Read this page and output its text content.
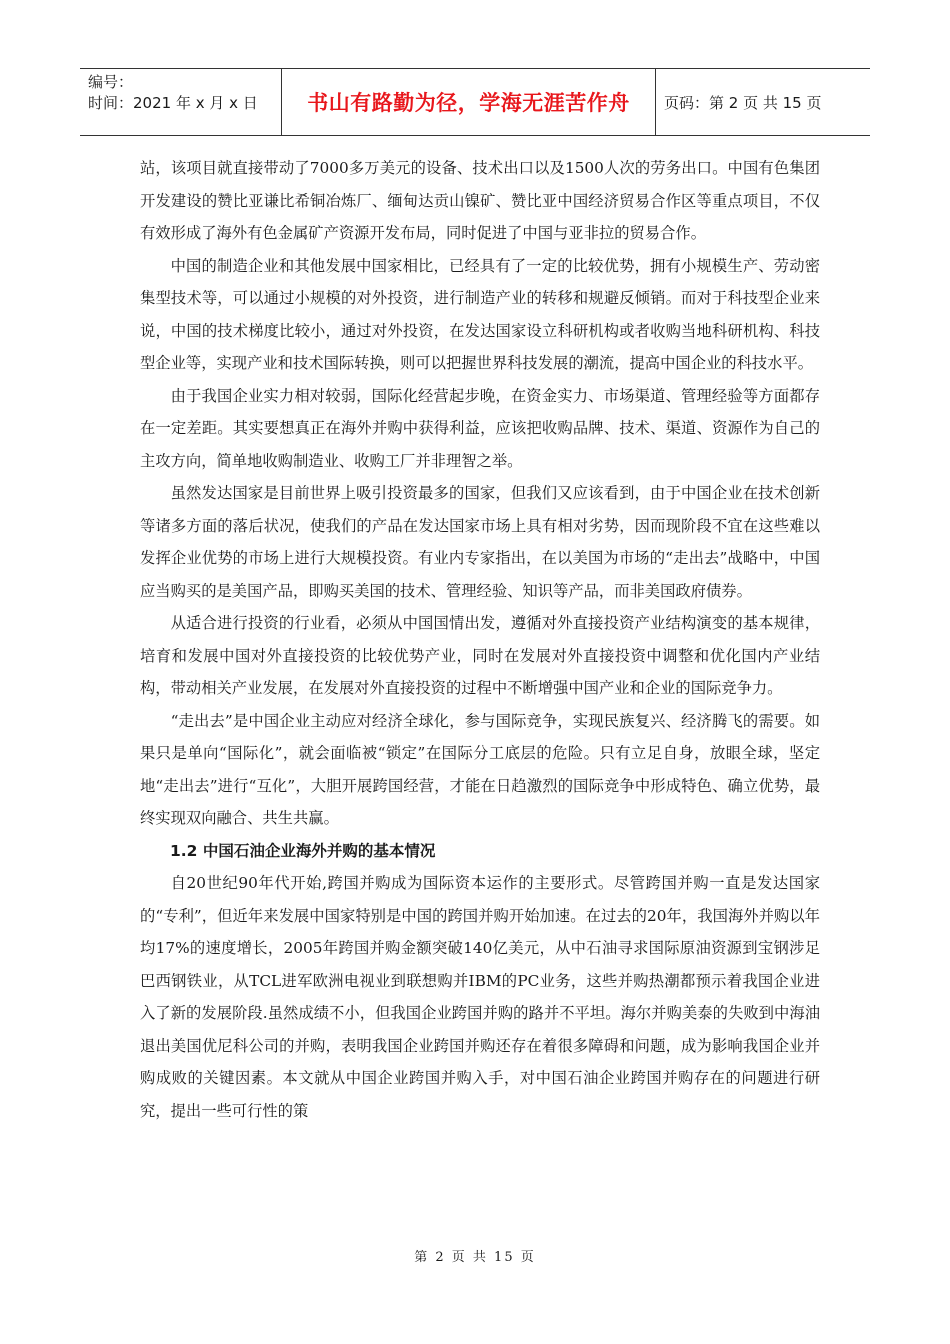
编号：
时间：2021 年 x 月 x 日	书山有路勤为径，学海无涯苦作舟	页码：第 2 页 共 15 页

站，该项目就直接带动了7000多万美元的设备、技术出口以及1500人次的劳务出口。中国有色集团开发建设的赞比亚谦比希铜冶炼厂、缅甸达贡山镍矿、赞比亚中国经济贸易合作区等重点项目，不仅有效形成了海外有色金属矿产资源开发布局，同时促进了中国与亚非拉的贸易合作。

中国的制造企业和其他发展中国家相比，已经具有了一定的比较优势，拥有小规模生产、劳动密集型技术等，可以通过小规模的对外投资，进行制造产业的转移和规避反倾销。而对于科技型企业来说，中国的技术梯度比较小，通过对外投资，在发达国家设立科研机构或者收购当地科研机构、科技型企业等，实现产业和技术国际转换，则可以把握世界科技发展的潮流，提高中国企业的科技水平。

由于我国企业实力相对较弱，国际化经营起步晚，在资金实力、市场渠道、管理经验等方面都存在一定差距。其实要想真正在海外并购中获得利益，应该把收购品牌、技术、渠道、资源作为自己的主攻方向，简单地收购制造业、收购工厂并非理智之举。

虽然发达国家是目前世界上吸引投资最多的国家，但我们又应该看到，由于中国企业在技术创新等诸多方面的落后状况，使我们的产品在发达国家市场上具有相对劣势，因而现阶段不宜在这些难以发挥企业优势的市场上进行大规模投资。有业内专家指出，在以美国为市场的“走出去”战略中，中国应当购买的是美国产品，即购买美国的技术、管理经验、知识等产品，而非美国政府债券。

从适合进行投资的行业看，必须从中国国情出发，遵循对外直接投资产业结构演变的基本规律，培育和发展中国对外直接投资的比较优势产业，同时在发展对外直接投资中调整和优化国内产业结构，带动相关产业发展，在发展对外直接投资的过程中不断增强中国产业和企业的国际竞争力。

“走出去”是中国企业主动应对经济全球化，参与国际竞争，实现民族复兴、经济腾飞的需要。如果只是单向“国际化”，就会面临被“锁定”在国际分工底层的危险。只有立足自身，放眼全球，坚定地“走出去”进行“互化”，大胆开展跨国经营，才能在日趋激烈的国际竞争中形成特色、确立优势，最终实现双向融合、共生共赢。

1.2 中国石油企业海外并购的基本情况

自20世纪90年代开始,跨国并购成为国际资本运作的主要形式。尽管跨国并购一直是发达国家的“专利”，但近年来发展中国家特别是中国的跨国并购开始加速。在过去的20年，我国海外并购以年均17%的速度增长，2005年跨国并购金额突破140亿美元，从中石油寻求国际原油资源到宝钢涉足巴西钢铁业，从TCL进军欧洲电视业到联想购并IBM的PC业务，这些并购热潮都预示着我国企业进入了新的发展阶段.虽然成绩不小，但我国企业跨国并购的路并不平坦。海尔并购美泰的失败到中海油退出美国优尼科公司的并购，表明我国企业跨国并购还存在着很多障碍和问题，成为影响我国企业并购成败的关键因素。本文就从中国企业跨国并购入手，对中国石油企业跨国并购存在的问题进行研究，提出一些可行性的策

第 2 页 共 15 页
